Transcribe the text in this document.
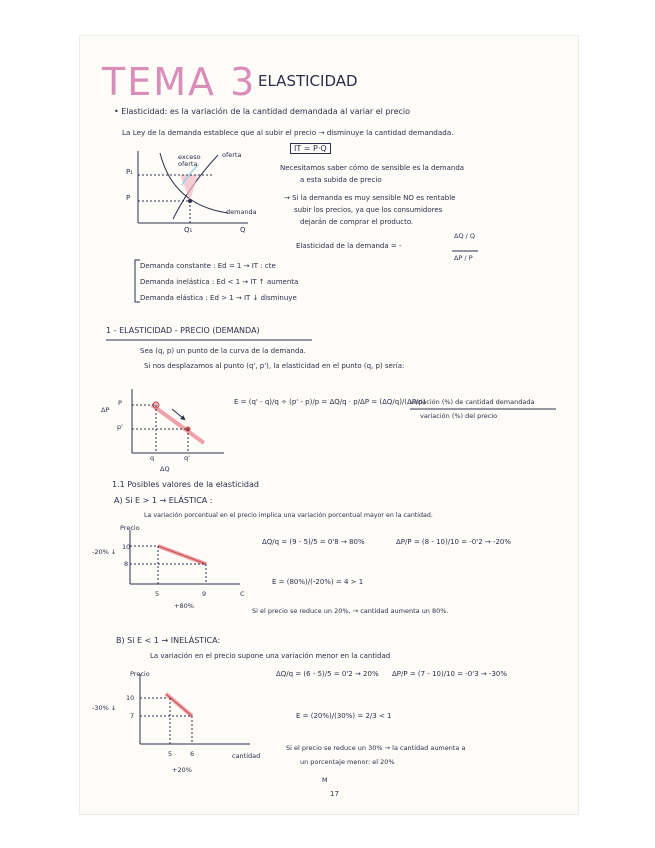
TEMA 3 ELASTICIDAD
• Elasticidad: es la variación de la cantidad demandada al variar el precio
La Ley de la demanda establece que al subir el precio → disminuye la cantidad demandada.
IT = P·Q
P₁
P
Q₁	Q
exceso oferta
oferta
demanda
Necesitamos saber cómo de sensible es la demanda
a esta subida de precio
→ Si la demanda es muy sensible NO es rentable
subir los precios, ya que los consumidores
dejarán de comprar el producto.
Elasticidad de la demanda = -
ΔQ / Q
ΔP / P
Demanda constante : Ed = 1 → IT : cte
Demanda inelástica : Ed < 1 → IT ↑ aumenta
Demanda elástica : Ed > 1 → IT ↓ disminuye
1 - ELASTICIDAD - PRECIO (DEMANDA)
Sea (q, p) un punto de la curva de la demanda.
Si nos desplazamos al punto (q', p'), la elasticidad en el punto (q, p) sería:
ΔP
P
p'
q	q'
ΔQ
E = (q' - q)/q ÷ (p' - p)/p = ΔQ/q · p/ΔP = (ΔQ/q)/(ΔP/p)
variación (%) de cantidad demandada
variación (%) del precio
1.1 Posibles valores de la elasticidad
A) Si E > 1 → ELÁSTICA :
La variación porcentual en el precio implica una variación porcentual mayor en la cantidad.
Precio
-20% ↓
10
8
5	9	C
+80%
ΔQ/q = (9 - 5)/5 = 0'8 → 80%	ΔP/P = (8 - 10)/10 = -0'2 → -20%
E = (80%)/(-20%) = 4 > 1
Si el precio se reduce un 20%, → cantidad aumenta un 80%.
B) Si E < 1 → INELÁSTICA:
La variación en el precio supone una variación menor en la cantidad
Precio
-30% ↓
10
7
5	6	cantidad
+20%
ΔQ/q = (6 - 5)/5 = 0'2 → 20% ΔP/P = (7 - 10)/10 = -0'3 → -30%
E = (20%)/(30%) = 2/3 < 1
Si el precio se reduce un 30% → la cantidad aumenta a
un porcentaje menor: el 20%
M
17
